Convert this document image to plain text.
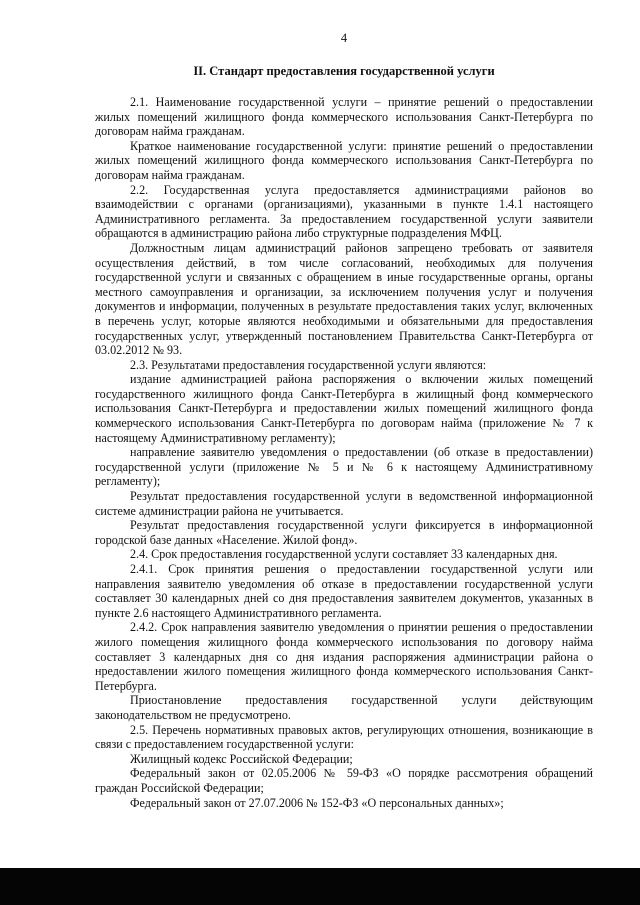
4
II. Стандарт предоставления государственной услуги

2.1. Наименование государственной услуги – принятие решений о предоставлении жилых помещений жилищного фонда коммерческого использования Санкт-Петербурга по договорам найма гражданам.

Краткое наименование государственной услуги: принятие решений о предоставлении жилых помещений жилищного фонда коммерческого использования Санкт-Петербурга по договорам найма гражданам.

2.2. Государственная услуга предоставляется администрациями районов во взаимодействии с органами (организациями), указанными в пункте 1.4.1 настоящего Административного регламента. За предоставлением государственной услуги заявители обращаются в администрацию района либо структурные подразделения МФЦ.

Должностным лицам администраций районов запрещено требовать от заявителя осуществления действий, в том числе согласований, необходимых для получения государственной услуги и связанных с обращением в иные государственные органы, органы местного самоуправления и организации, за исключением получения услуг и получения документов и информации, полученных в результате предоставления таких услуг, включенных в перечень услуг, которые являются необходимыми и обязательными для предоставления государственных услуг, утвержденный постановлением Правительства Санкт-Петербурга от 03.02.2012 № 93.

2.3. Результатами предоставления государственной услуги являются:

издание администрацией района распоряжения о включении жилых помещений государственного жилищного фонда Санкт-Петербурга в жилищный фонд коммерческого использования Санкт-Петербурга и предоставлении жилых помещений жилищного фонда коммерческого использования Санкт-Петербурга по договорам найма (приложение № 7 к настоящему Административному регламенту);

направление заявителю уведомления о предоставлении (об отказе в предоставлении) государственной услуги (приложение № 5 и № 6 к настоящему Административному регламенту);

Результат предоставления государственной услуги в ведомственной информационной системе администрации района не учитывается.

Результат предоставления государственной услуги фиксируется в информационной городской базе данных «Население. Жилой фонд».

2.4. Срок предоставления государственной услуги составляет 33 календарных дня.

2.4.1. Срок принятия решения о предоставлении государственной услуги или направления заявителю уведомления об отказе в предоставлении государственной услуги составляет 30 календарных дней со дня предоставления заявителем документов, указанных в пункте 2.6 настоящего Административного регламента.

2.4.2. Срок направления заявителю уведомления о принятии решения о предоставлении жилого помещения жилищного фонда коммерческого использования по договору найма составляет 3 календарных дня со дня издания распоряжения администрации района о нредоставлении жилого помещения жилищного фонда коммерческого использования Санкт-Петербурга.

Приостановление предоставления государственной услуги действующим законодательством не предусмотрено.

2.5. Перечень нормативных правовых актов, регулирующих отношения, возникающие в связи с предоставлением государственной услуги:

Жилищный кодекс Российской Федерации;

Федеральный закон от 02.05.2006 № 59-ФЗ «О порядке рассмотрения обращений граждан Российской Федерации;

Федеральный закон от 27.07.2006 № 152-ФЗ «О персональных данных»;
